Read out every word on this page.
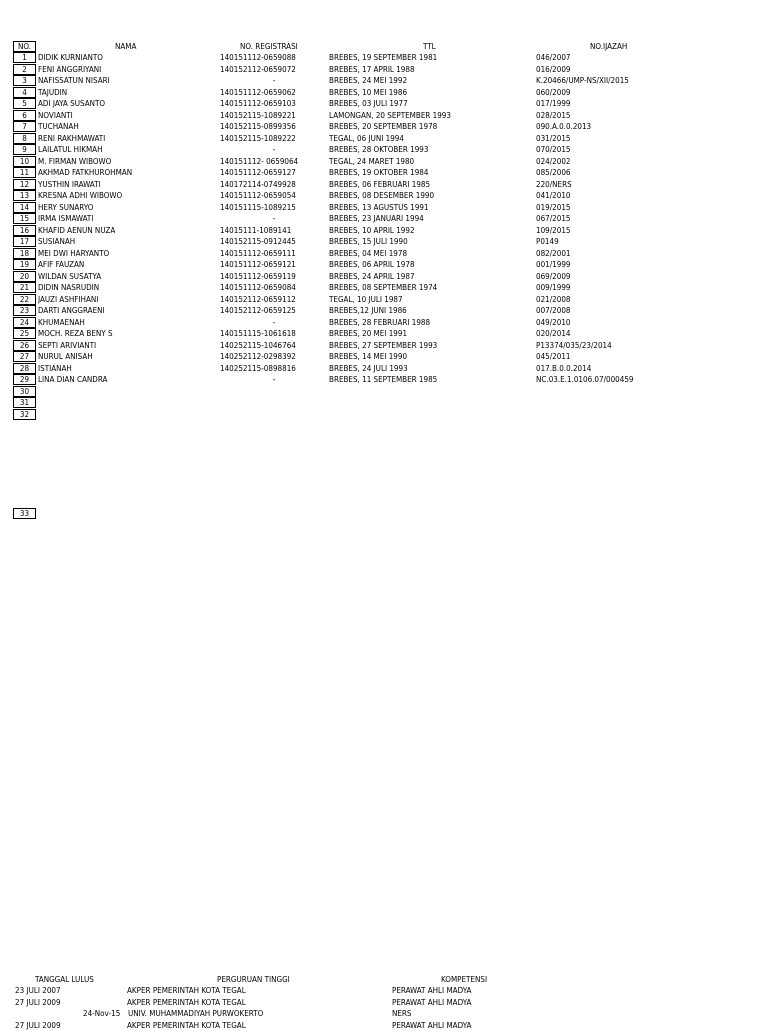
NO.	NAMA	NO. REGISTRASI	TTL	NO.IJAZAH
1	DIDIK KURNIANTO	140151112-0659088	BREBES, 19 SEPTEMBER 1981	046/2007
2	FENI ANGGRIYANI	140152112-0659072	BREBES, 17 APRIL 1988	016/2009
3	NAFISSATUN NISARI	-	BREBES, 24 MEI 1992	K.20466/UMP-NS/XII/2015
4	TAJUDIN	140151112-0659062	BREBES, 10 MEI 1986	060/2009
5	ADI JAYA SUSANTO	140151112-0659103	BREBES, 03 JULI 1977	017/1999
6	NOVIANTI	140152115-1089221	LAMONGAN, 20 SEPTEMBER 1993	028/2015
7	TUCHANAH	140152115-0899356	BREBES, 20 SEPTEMBER 1978	090.A.0.0.2013
8	RENI RAKHMAWATI	140152115-1089222	TEGAL, 06 JUNI 1994	031/2015
9	LAILATUL HIKMAH	-	BREBES, 28 OKTOBER 1993	070/2015
10	M. FIRMAN WIBOWO	140151112- 0659064	TEGAL, 24 MARET 1980	024/2002
11	AKHMAD FATKHUROHMAN	140151112-0659127	BREBES, 19 OKTOBER 1984	085/2006
12	YUSTHIN IRAWATI	140172114-0749928	BREBES, 06 FEBRUARI 1985	220/NERS
13	KRESNA ADHI WIBOWO	140151112-0659054	BREBES, 08 DESEMBER 1990	041/2010
14	HERY SUNARYO	140151115-1089215	BREBES, 13 AGUSTUS 1991	019/2015
15	IRMA ISMAWATI	-	BREBES, 23 JANUARI 1994	067/2015
16	KHAFID AENUN NUZA	14015111-1089141	BREBES, 10 APRIL 1992	109/2015
17	SUSIANAH	140152115-0912445	BREBES, 15 JULI 1990	P0149
18	MEI DWI HARYANTO	140151112-0659111	BREBES, 04 MEI 1978	082/2001
19	AFIF FAUZAN	140151112-0659121	BREBES, 06 APRIL 1978	001/1999
20	WILDAN SUSATYA	140151112-0659119	BREBES, 24 APRIL 1987	069/2009
21	DIDIN NASRUDIN	140151112-0659084	BREBES, 08 SEPTEMBER 1974	009/1999
22	JAUZI ASHFIHANI	140152112-0659112	TEGAL, 10 JULI 1987	021/2008
23	DARTI ANGGRAENI	140152112-0659125	BREBES,12 JUNI 1986	007/2008
24	KHUMAENAH	-	BREBES, 28 FEBRUARI 1988	049/2010
25	MOCH. REZA BENY S	140151115-1061618	BREBES, 20 MEI 1991	020/2014
26	SEPTI ARIVIANTI	140252115-1046764	BREBES, 27 SEPTEMBER 1993	P13374/035/23/2014
27	NURUL ANISAH	140252112-0298392	BREBES, 14 MEI 1990	045/2011
28	ISTIANAH	140252115-0898816	BREBES, 24 JULI 1993	017.B.0.0.2014
29	LINA DIAN CANDRA	-	BREBES, 11 SEPTEMBER 1985	NC.03.E.1.0106.07/000459
30
31
32
33
TANGGAL LULUS	PERGURUAN TINGGI	KOMPETENSI
23 JULI 2007	AKPER PEMERINTAH KOTA TEGAL	PERAWAT AHLI MADYA
27 JULI 2009	AKPER PEMERINTAH KOTA TEGAL	PERAWAT AHLI MADYA
24-Nov-15 UNIV. MUHAMMADIYAH PURWOKERTO	NERS
27 JULI 2009	AKPER PEMERINTAH KOTA TEGAL	PERAWAT AHLI MADYA
